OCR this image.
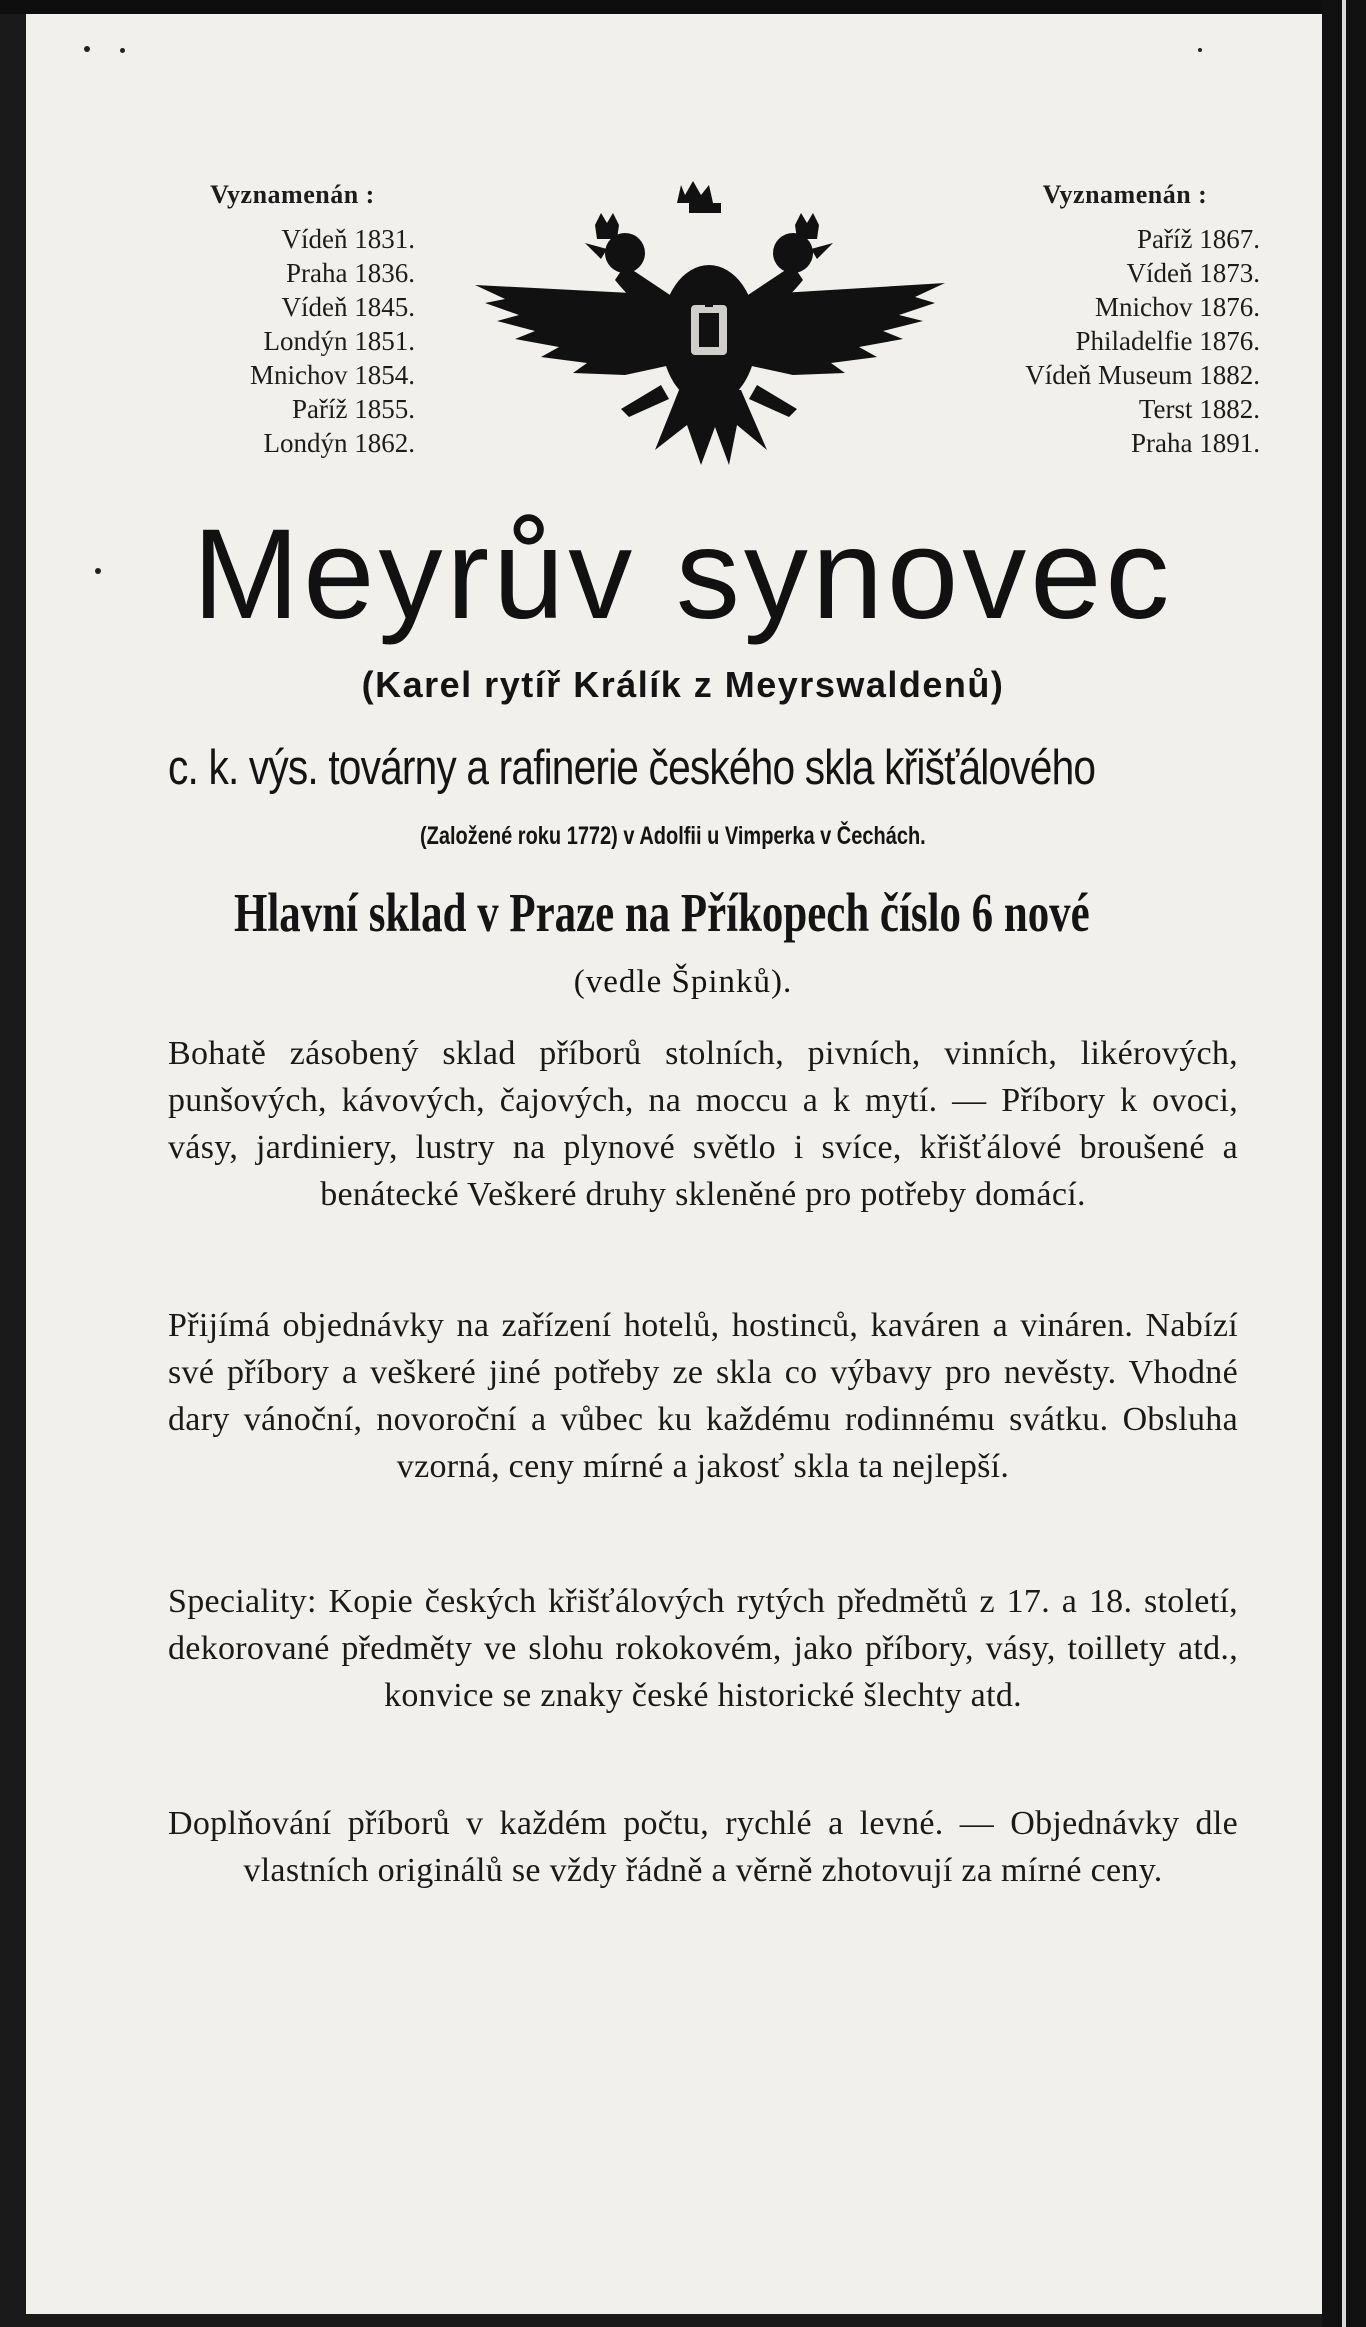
Vyznamenán :
Vídeň 1831.
Praha 1836.
Vídeň 1845.
Londýn 1851.
Mnichov 1854.
Paříž 1855.
Londýn 1862.
Vyznamenán :
Paříž 1867.
Vídeň 1873.
Mnichov 1876.
Philadelfie 1876.
Vídeň Museum 1882.
Terst 1882.
Praha 1891.
Meyrův synovec
(Karel rytíř Králík z Meyrswaldenů)
c. k. výs. továrny a rafinerie českého skla křišťálového
(Založené roku 1772) v Adolfii u Vimperka v Čechách.
Hlavní sklad v Praze na Příkopech číslo 6 nové
(vedle Špinků).
Bohatě zásobený sklad příborů stolních, pivních, vinních, likérových, punšových, kávových, čajových, na moccu a k mytí. — Příbory k ovoci, vásy, jardiniery, lustry na plynové světlo i svíce, křišťálové broušené a benátecké Veškeré druhy skleněné pro potřeby domácí.
Přijímá objednávky na zařízení hotelů, hostinců, kaváren a vináren. Nabízí své příbory a veškeré jiné potřeby ze skla co výbavy pro nevěsty. Vhodné dary vánoční, novoroční a vůbec ku každému rodinnému svátku. Obsluha vzorná, ceny mírné a jakosť skla ta nejlepší.
Speciality: Kopie českých křišťálových rytých předmětů z 17. a 18. století, dekorované předměty ve slohu rokokovém, jako příbory, vásy, toillety atd., konvice se znaky české historické šlechty atd.
Doplňování příborů v každém počtu, rychlé a levné. — Objednávky dle vlastních originálů se vždy řádně a věrně zhotovují za mírné ceny.
